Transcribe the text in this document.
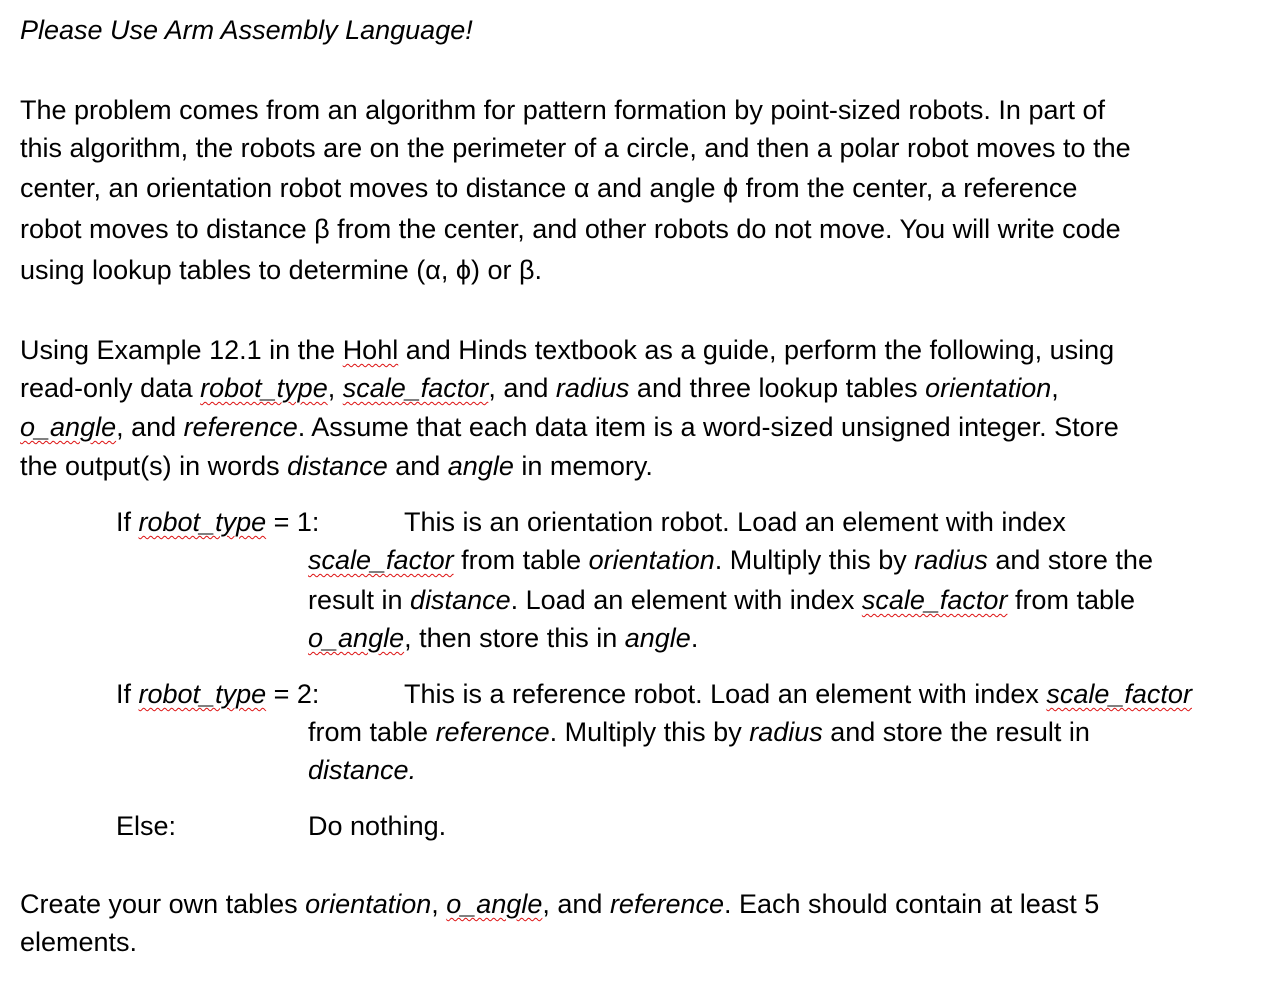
Please Use Arm Assembly Language!
The problem comes from an algorithm for pattern formation by point-sized robots. In part of
this algorithm, the robots are on the perimeter of a circle, and then a polar robot moves to the
center, an orientation robot moves to distance α and angle ϕ from the center, a reference
robot moves to distance β from the center, and other robots do not move. You will write code
using lookup tables to determine (α, ϕ) or β.
Using Example 12.1 in the Hohl and Hinds textbook as a guide, perform the following, using
read-only data robot_type, scale_factor, and radius and three lookup tables orientation,
o_angle, and reference. Assume that each data item is a word-sized unsigned integer. Store
the output(s) in words distance and angle in memory.
If robot_type = 1:	This is an orientation robot. Load an element with index
scale_factor from table orientation. Multiply this by radius and store the
result in distance. Load an element with index scale_factor from table
o_angle, then store this in angle.
If robot_type = 2:	This is a reference robot. Load an element with index scale_factor
from table reference. Multiply this by radius and store the result in
distance.
Else:	Do nothing.
Create your own tables orientation, o_angle, and reference. Each should contain at least 5
elements.
